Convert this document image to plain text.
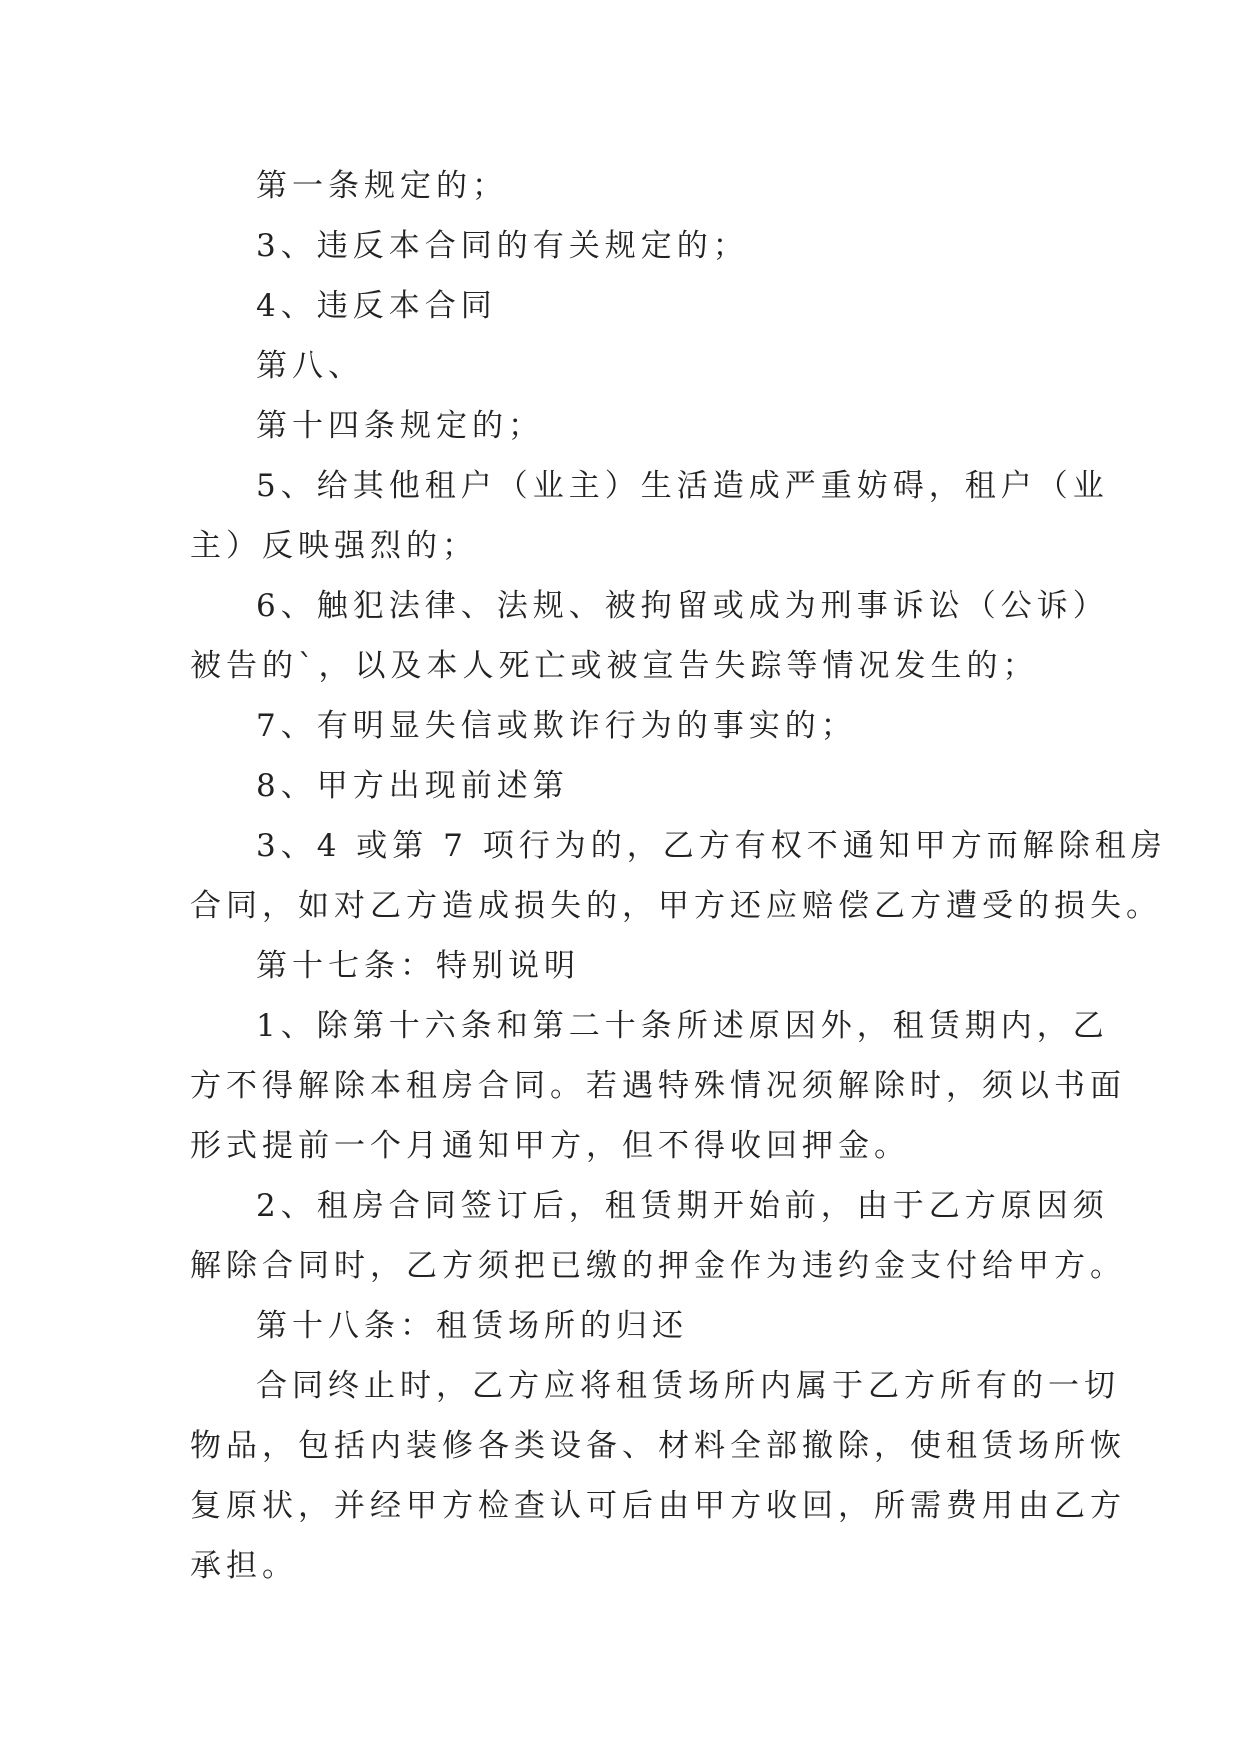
第一条规定的；
3、违反本合同的有关规定的；
4、违反本合同
第八、
第十四条规定的；
5、给其他租户（业主）生活造成严重妨碍，租户（业
主）反映强烈的；
6、触犯法律、法规、被拘留或成为刑事诉讼（公诉）
被告的`，以及本人死亡或被宣告失踪等情况发生的；
7、有明显失信或欺诈行为的事实的；
8、甲方出现前述第
3、4 或第 7 项行为的，乙方有权不通知甲方而解除租房
合同，如对乙方造成损失的，甲方还应赔偿乙方遭受的损失。
第十七条：特别说明
1、除第十六条和第二十条所述原因外，租赁期内，乙
方不得解除本租房合同。若遇特殊情况须解除时，须以书面
形式提前一个月通知甲方，但不得收回押金。
2、租房合同签订后，租赁期开始前，由于乙方原因须
解除合同时，乙方须把已缴的押金作为违约金支付给甲方。
第十八条：租赁场所的归还
合同终止时，乙方应将租赁场所内属于乙方所有的一切
物品，包括内装修各类设备、材料全部撤除，使租赁场所恢
复原状，并经甲方检查认可后由甲方收回，所需费用由乙方
承担。
